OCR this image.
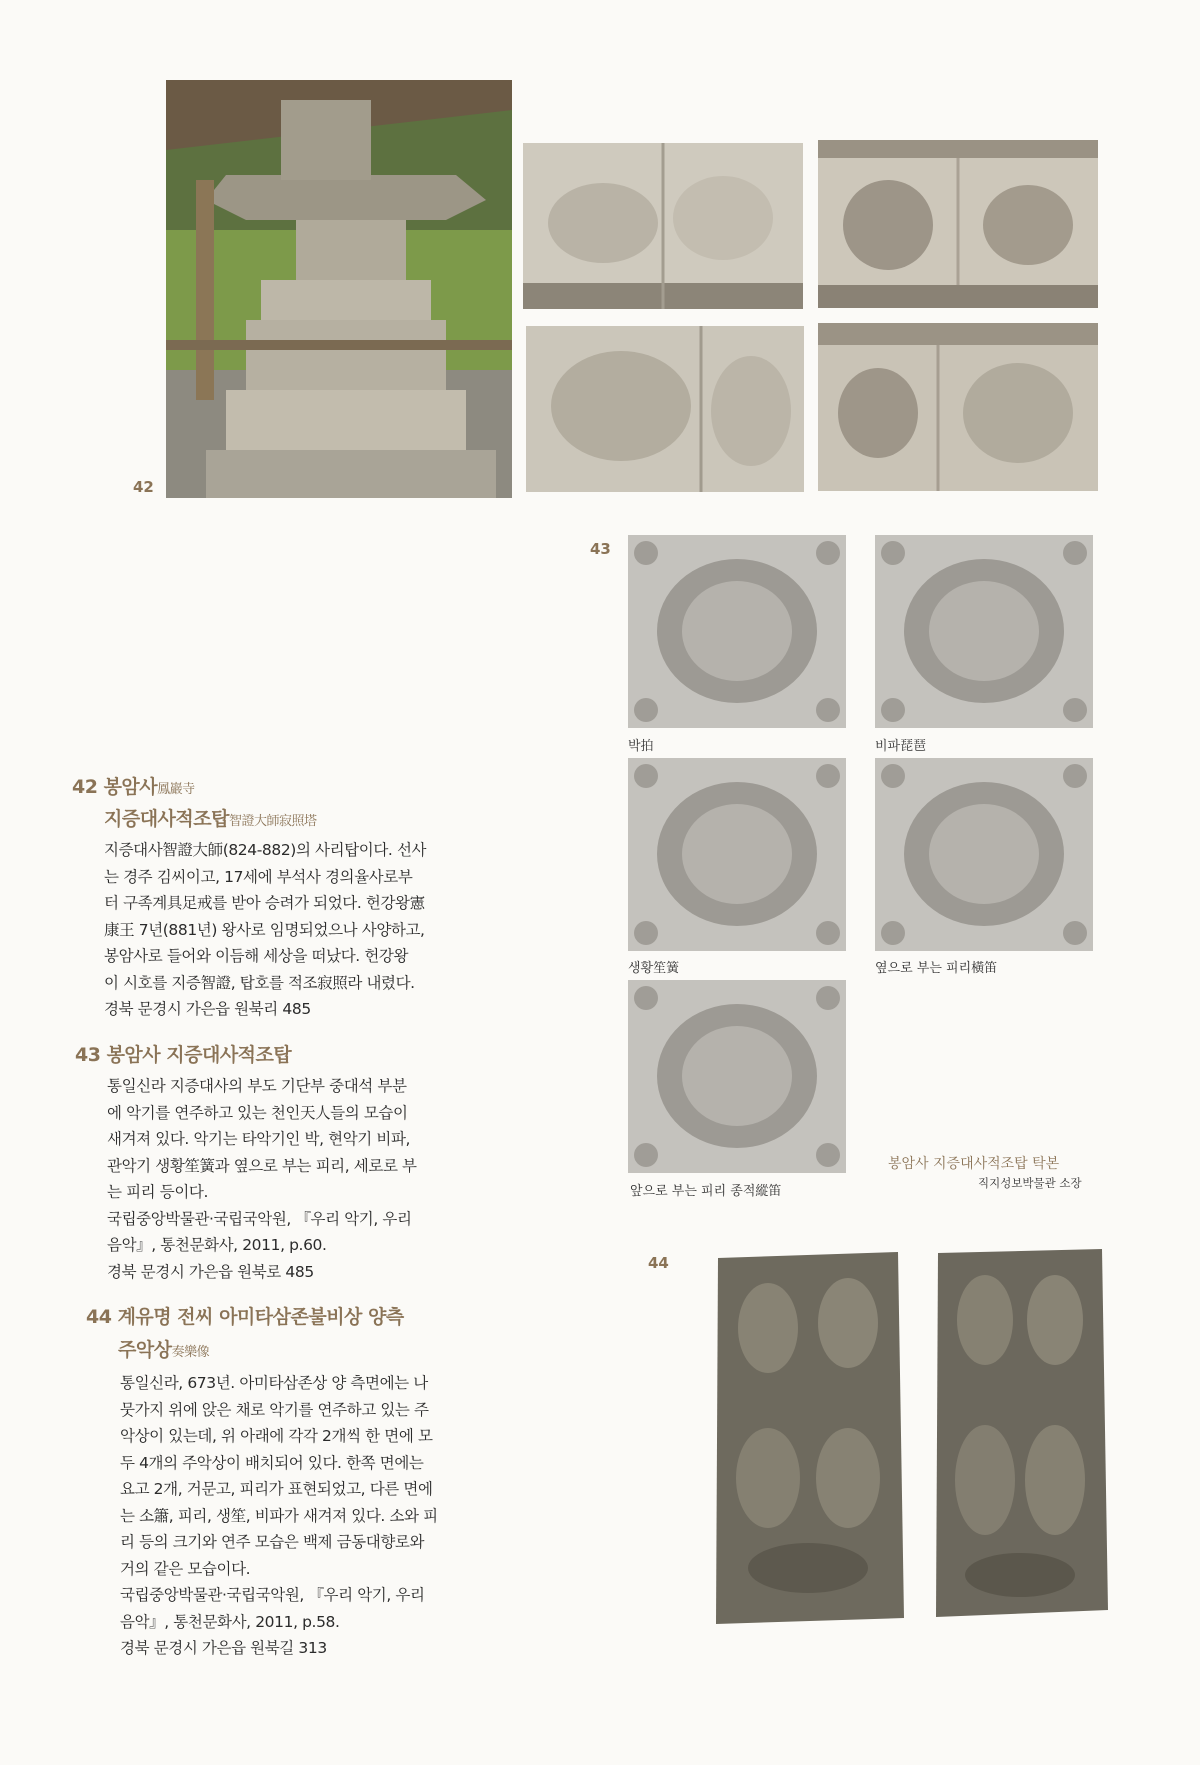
42
43
박拍	비파琵琶
생황笙簧	옆으로 부는 피리橫笛
앞으로 부는 피리 종적縱笛
봉암사 지증대사적조탑 탁본
직지성보박물관 소장
44
42 봉암사鳳巖寺
지증대사적조탑智證大師寂照塔

지증대사智證大師(824-882)의 사리탑이다. 선사

는 경주 김씨이고, 17세에 부석사 경의율사로부

터 구족계具足戒를 받아 승려가 되었다. 헌강왕憲

康王 7년(881년) 왕사로 임명되었으나 사양하고,

봉암사로 들어와 이듬해 세상을 떠났다. 헌강왕

이 시호를 지증智證, 탑호를 적조寂照라 내렸다.

경북 문경시 가은읍 원북리 485

43 봉암사 지증대사적조탑

통일신라 지증대사의 부도 기단부 중대석 부분

에 악기를 연주하고 있는 천인天人들의 모습이

새겨져 있다. 악기는 타악기인 박, 현악기 비파,

관악기 생황笙簧과 옆으로 부는 피리, 세로로 부

는 피리 등이다.

국립중앙박물관·국립국악원, 『우리 악기, 우리

음악』, 통천문화사, 2011, p.60.

경북 문경시 가은읍 원북로 485

44 계유명 전씨 아미타삼존불비상 양측
주악상奏樂像

통일신라, 673년. 아미타삼존상 양 측면에는 나

뭇가지 위에 앉은 채로 악기를 연주하고 있는 주

악상이 있는데, 위 아래에 각각 2개씩 한 면에 모

두 4개의 주악상이 배치되어 있다. 한쪽 면에는

요고 2개, 거문고, 피리가 표현되었고, 다른 면에

는 소簫, 피리, 생笙, 비파가 새겨져 있다. 소와 피

리 등의 크기와 연주 모습은 백제 금동대향로와

거의 같은 모습이다.

국립중앙박물관·국립국악원, 『우리 악기, 우리

음악』, 통천문화사, 2011, p.58.

경북 문경시 가은읍 원북길 313
